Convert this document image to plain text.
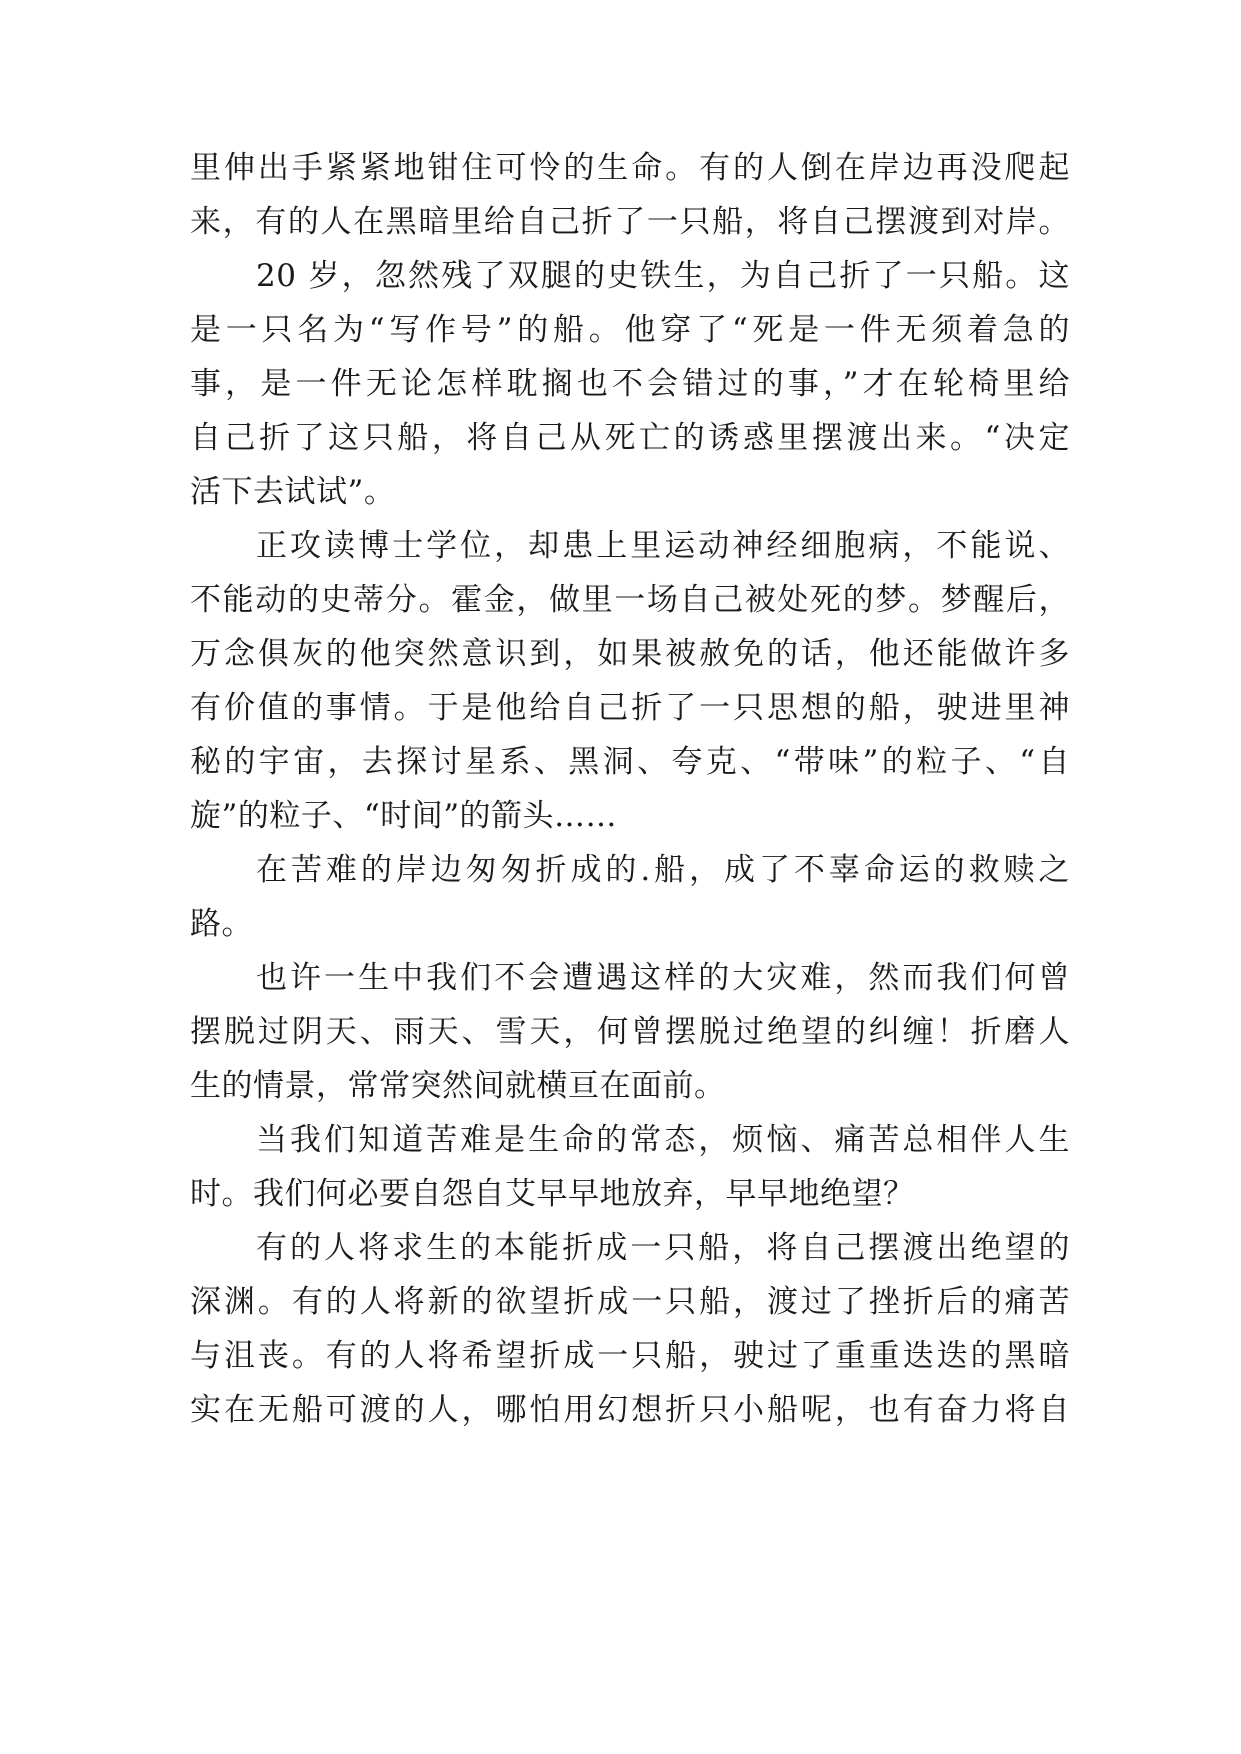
里伸出手紧紧地钳住可怜的生命。有的人倒在岸边再没爬起
来，有的人在黑暗里给自己折了一只船，将自己摆渡到对岸。
20 岁，忽然残了双腿的史铁生，为自己折了一只船。这
是一只名为“写作号”的船。他穿了“死是一件无须着急的
事，是一件无论怎样耽搁也不会错过的事，”才在轮椅里给
自己折了这只船，将自己从死亡的诱惑里摆渡出来。“决定
活下去试试”。
正攻读博士学位，却患上里运动神经细胞病，不能说、
不能动的史蒂分。霍金，做里一场自己被处死的梦。梦醒后，
万念俱灰的他突然意识到，如果被赦免的话，他还能做许多
有价值的事情。于是他给自己折了一只思想的船，驶进里神
秘的宇宙，去探讨星系、黑洞、夸克、“带味”的粒子、“自
旋”的粒子、“时间”的箭头……
在苦难的岸边匆匆折成的.船，成了不辜命运的救赎之
路。
也许一生中我们不会遭遇这样的大灾难，然而我们何曾
摆脱过阴天、雨天、雪天，何曾摆脱过绝望的纠缠！折磨人
生的情景，常常突然间就横亘在面前。
当我们知道苦难是生命的常态，烦恼、痛苦总相伴人生
时。我们何必要自怨自艾早早地放弃，早早地绝望？
有的人将求生的本能折成一只船，将自己摆渡出绝望的
深渊。有的人将新的欲望折成一只船，渡过了挫折后的痛苦
与沮丧。有的人将希望折成一只船，驶过了重重迭迭的黑暗
实在无船可渡的人，哪怕用幻想折只小船呢，也有奋力将自
